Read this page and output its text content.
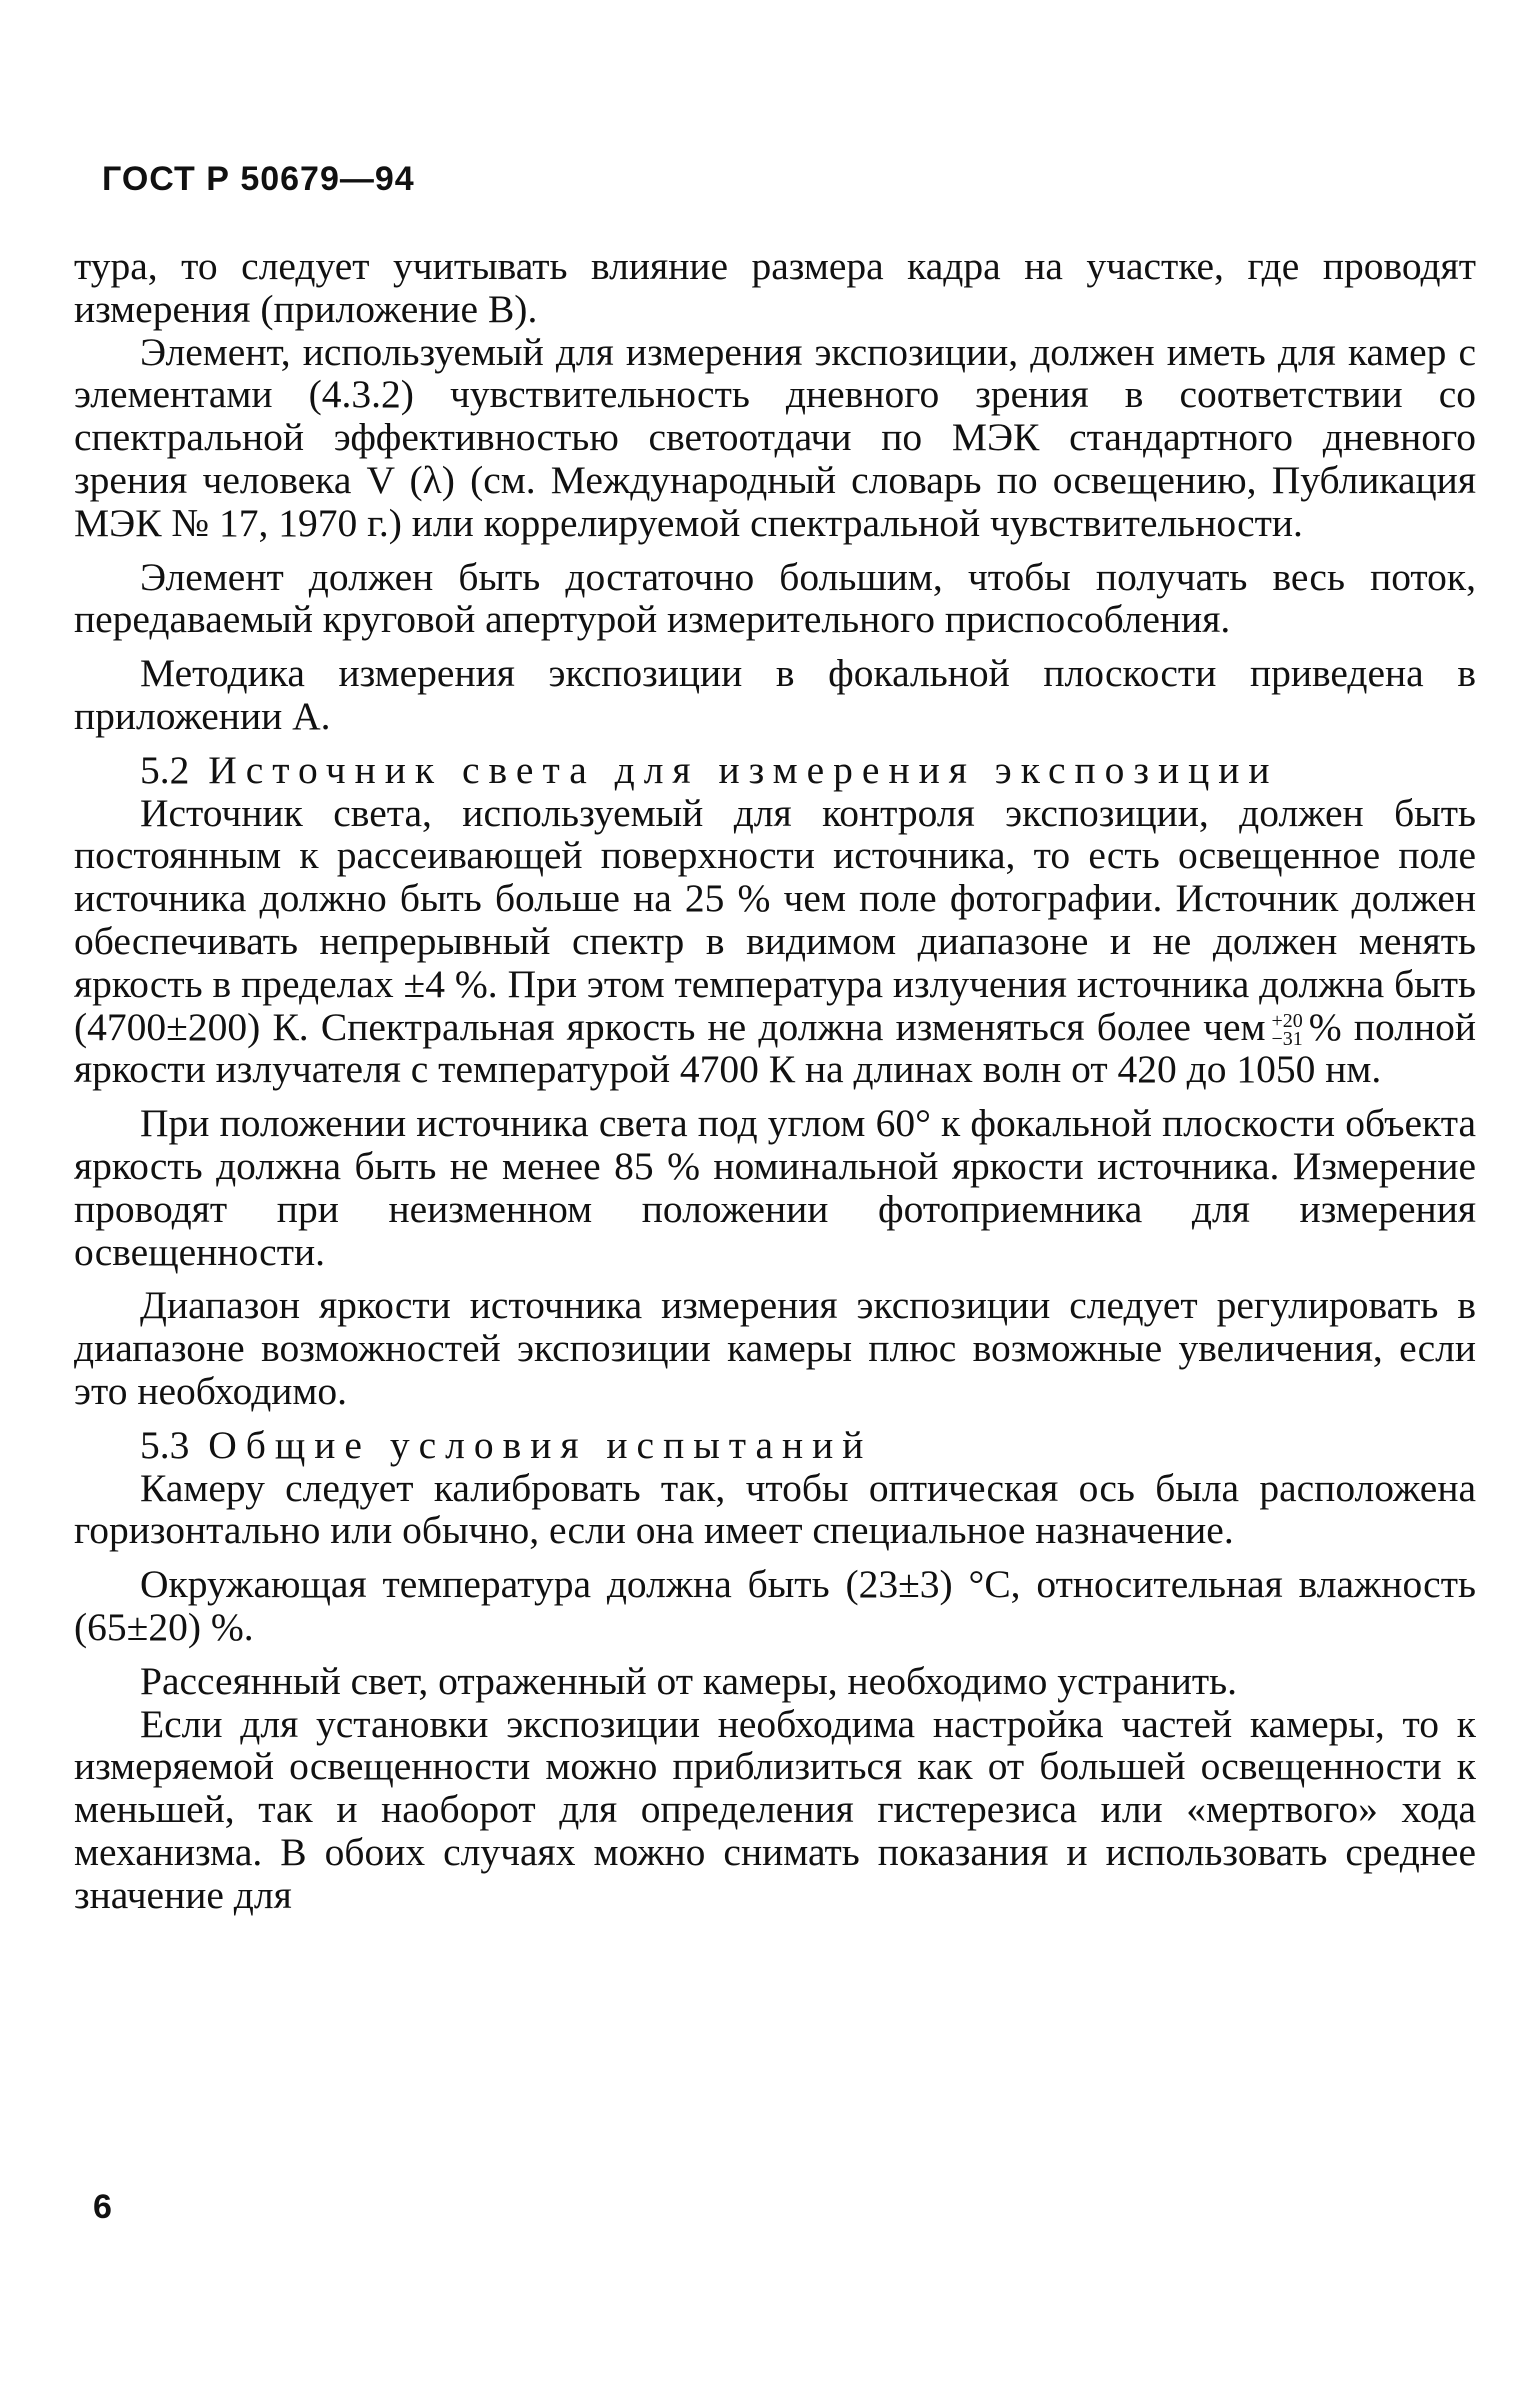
ГОСТ Р 50679—94

тура, то следует учитывать влияние размера кадра на участке, где проводят измерения (приложение В).

Элемент, используемый для измерения экспозиции, должен иметь для камер с элементами (4.3.2) чувствительность дневного зрения в соответствии со спектральной эффективностью светоотдачи по МЭК стандартного дневного зрения человека V (λ) (см. Международный словарь по освещению, Публикация МЭК № 17, 1970 г.) или коррелируемой спектральной чувствительности.

Элемент должен быть достаточно большим, чтобы получать весь поток, передаваемый круговой апертурой измерительного приспособления.

Методика измерения экспозиции в фокальной плоскости приведена в приложении А.

5.2 Источник света для измерения экспозиции

Источник света, используемый для контроля экспозиции, должен быть постоянным к рассеивающей поверхности источника, то есть освещенное поле источника должно быть больше на 25 % чем поле фотографии. Источник должен обеспечивать непрерывный спектр в видимом диапазоне и не должен менять яркость в пределах ±4 %. При этом температура излучения источника должна быть (4700±200) К. Спектральная яркость не должна изменяться более чем +20
−31 % полной яркости излучателя с температурой 4700 К на длинах волн от 420 до 1050 нм.

При положении источника света под углом 60° к фокальной плоскости объекта яркость должна быть не менее 85 % номинальной яркости источника. Измерение проводят при неизменном положении фотоприемника для измерения освещенности.

Диапазон яркости источника измерения экспозиции следует регулировать в диапазоне возможностей экспозиции камеры плюс возможные увеличения, если это необходимо.

5.3 Общие условия испытаний

Камеру следует калибровать так, чтобы оптическая ось была расположена горизонтально или обычно, если она имеет специальное назначение.

Окружающая температура должна быть (23±3) °С, относительная влажность (65±20) %.

Рассеянный свет, отраженный от камеры, необходимо устранить.

Если для установки экспозиции необходима настройка частей камеры, то к измеряемой освещенности можно приблизиться как от большей освещенности к меньшей, так и наоборот для определения гистерезиса или «мертвого» хода механизма. В обоих случаях можно снимать показания и использовать среднее значение для

6
